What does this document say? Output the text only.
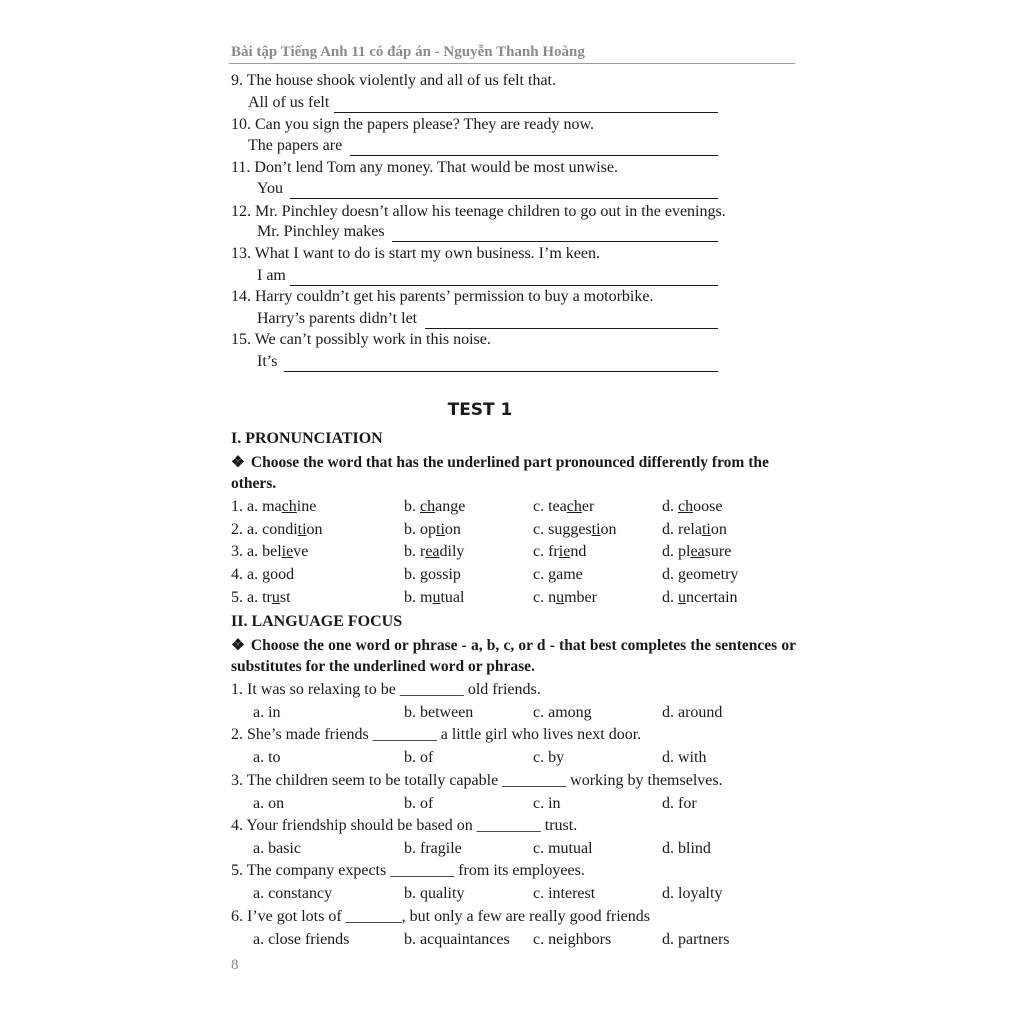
Bài tập Tiếng Anh 11 có đáp án - Nguyễn Thanh Hoàng
9. The house shook violently and all of us felt that.
All of us felt
10. Can you sign the papers please? They are ready now.
The papers are
11. Don’t lend Tom any money. That would be most unwise.
You
12. Mr. Pinchley doesn’t allow his teenage children to go out in the evenings.
Mr. Pinchley makes
13. What I want to do is start my own business. I’m keen.
I am
14. Harry couldn’t get his parents’ permission to buy a motorbike.
Harry’s parents didn’t let
15. We can’t possibly work in this noise.
It’s
TEST 1
I. PRONUNCIATION
❖ Choose the word that has the underlined part pronounced differently from the others.
1. a. machine	b. change	c. teacher	d. choose
2. a. condition	b. option	c. suggestion	d. relation
3. a. believe	b. readily	c. friend	d. pleasure
4. a. good	b. gossip	c. game	d. geometry
5. a. trust	b. mutual	c. number	d. uncertain
II. LANGUAGE FOCUS
❖ Choose the one word or phrase - a, b, c, or d - that best completes the sentences or substitutes for the underlined word or phrase.
1. It was so relaxing to be ________ old friends.
a. in	b. between	c. among	d. around
2. She’s made friends ________ a little girl who lives next door.
a. to	b. of	c. by	d. with
3. The children seem to be totally capable ________ working by themselves.
a. on	b. of	c. in	d. for
4. Your friendship should be based on ________ trust.
a. basic	b. fragile	c. mutual	d. blind
5. The company expects ________ from its employees.
a. constancy	b. quality	c. interest	d. loyalty
6. I’ve got lots of _______, but only a few are really good friends
a. close friends	b. acquaintances c. neighbors	d. partners
8
